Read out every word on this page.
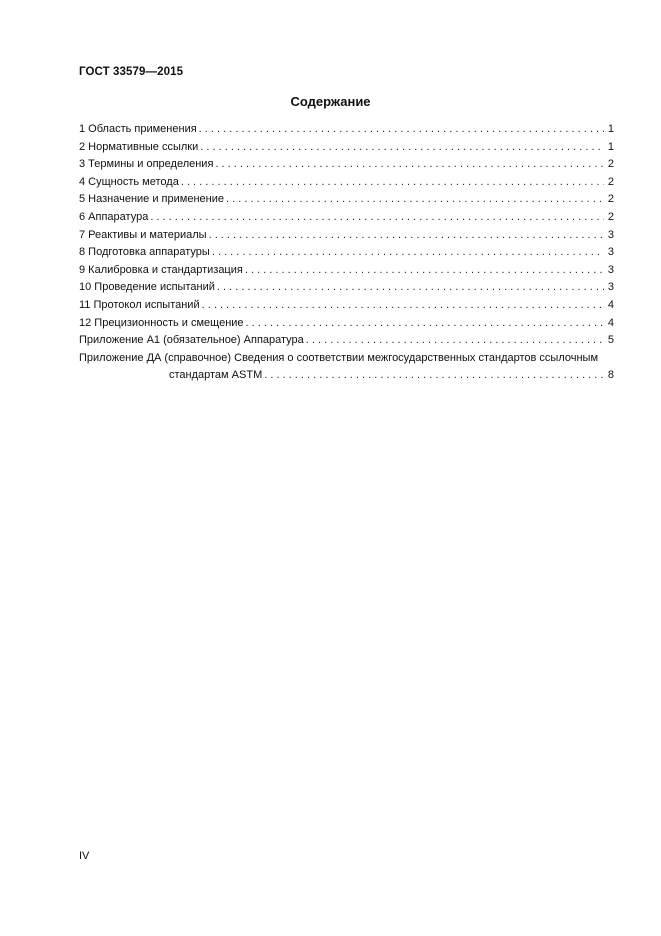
ГОСТ 33579—2015
Содержание
1 Область применения . . .	1
2 Нормативные ссылки . . .	1
3 Термины и определения . . .	2
4 Сущность метода . . .	2
5 Назначение и применение . . .	2
6 Аппаратура . . .	2
7 Реактивы и материалы . . .	3
8 Подготовка аппаратуры . . .	3
9 Калибровка и стандартизация . . .	3
10 Проведение испытаний . . .	3
11 Протокол испытаний . . .	4
12 Прецизионность и смещение . . .	4
Приложение А1 (обязательное) Аппаратура . . .	5
Приложение ДА (справочное) Сведения о соответствии межгосударственных стандартов ссылочным
стандартам ASTM . . .	8
IV
